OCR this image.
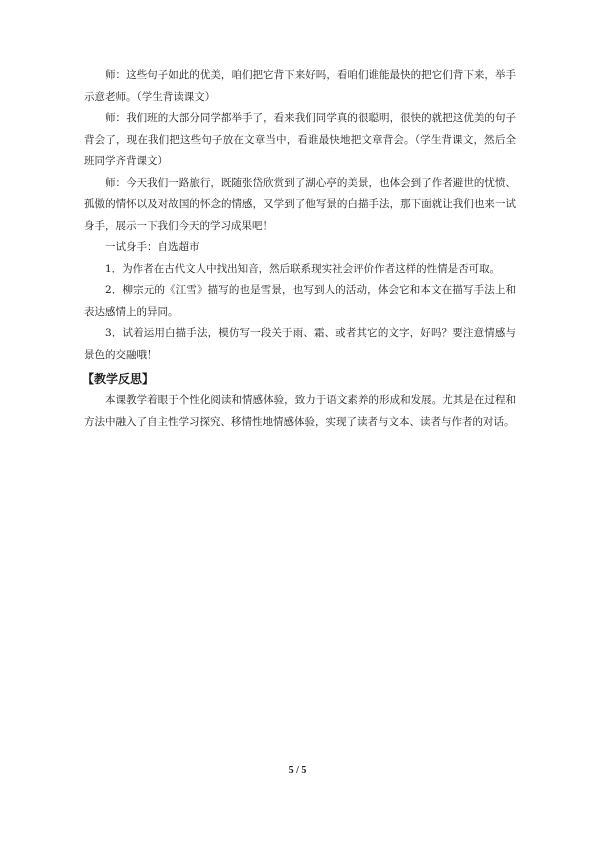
师：这些句子如此的优美，咱们把它背下来好吗，看咱们谁能最快的把它们背下来，举手示意老师。（学生背读课文）

师：我们班的大部分同学都举手了，看来我们同学真的很聪明，很快的就把这优美的句子背会了，现在我们把这些句子放在文章当中，看谁最快地把文章背会。（学生背课文，然后全班同学齐背课文）

师：今天我们一路旅行，既随张岱欣赏到了湖心亭的美景，也体会到了作者避世的忧愤、孤傲的情怀以及对故国的怀念的情感，又学到了他写景的白描手法，那下面就让我们也来一试身手，展示一下我们今天的学习成果吧！

一试身手：自选超市

1．为作者在古代文人中找出知音，然后联系现实社会评价作者这样的性情是否可取。

2．柳宗元的《江雪》描写的也是雪景，也写到人的活动，体会它和本文在描写手法上和表达感情上的异同。

3．试着运用白描手法，模仿写一段关于雨、霜、或者其它的文字，好吗？要注意情感与景色的交融哦！

【教学反思】

本课教学着眼于个性化阅读和情感体验，致力于语文素养的形成和发展。尤其是在过程和方法中融入了自主性学习探究、移情性地情感体验，实现了读者与文本、读者与作者的对话。

5 / 5
